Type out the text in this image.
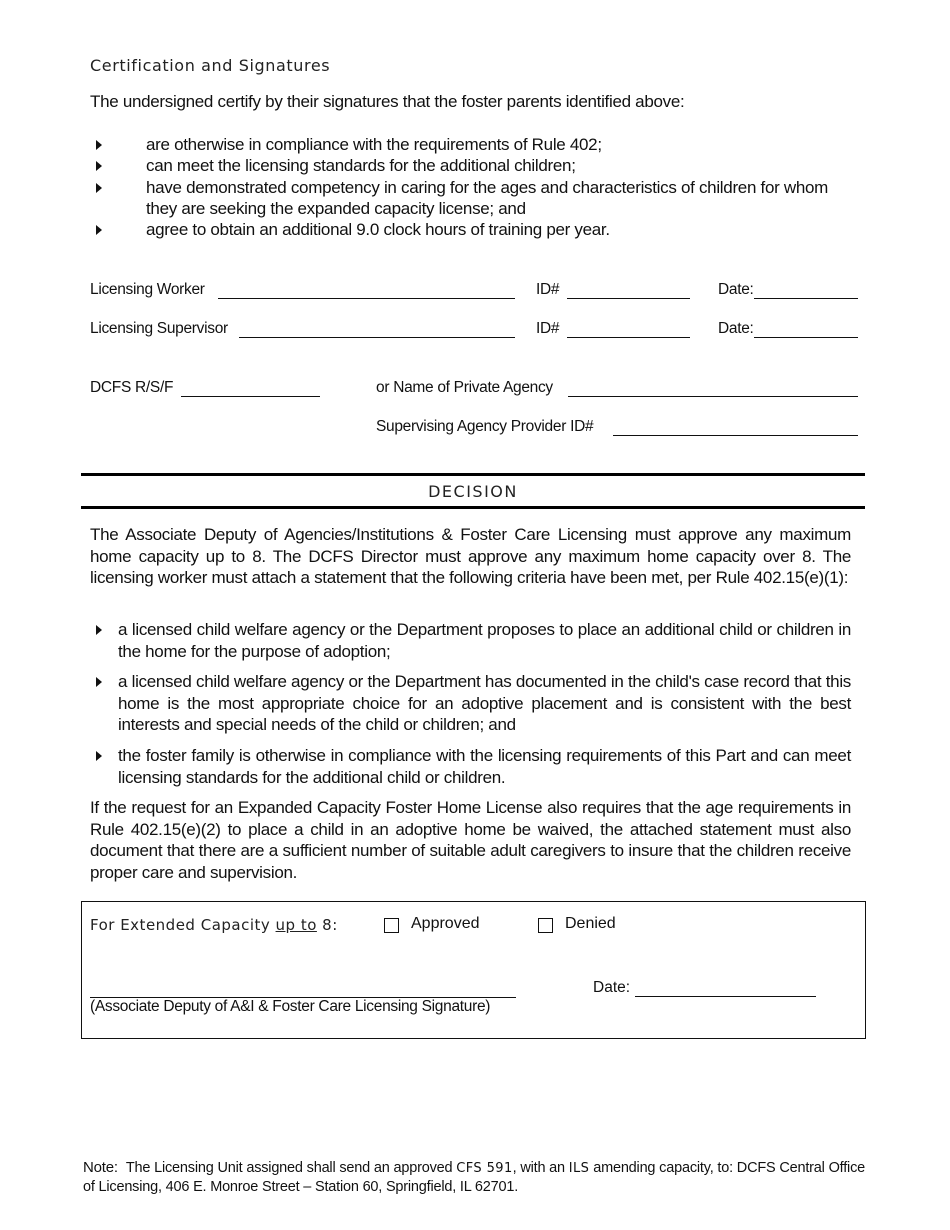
Certification and Signatures
The undersigned certify by their signatures that the foster parents identified above:
are otherwise in compliance with the requirements of Rule 402;
can meet the licensing standards for the additional children;
have demonstrated competency in caring for the ages and characteristics of children for whom they are seeking the expanded capacity license; and
agree to obtain an additional 9.0 clock hours of training per year.
Licensing Worker	ID#	Date:
Licensing Supervisor	ID#	Date:
DCFS R/S/F	or Name of Private Agency
Supervising Agency Provider ID#
DECISION
The Associate Deputy of Agencies/Institutions & Foster Care Licensing must approve any maximum home capacity up to 8. The DCFS Director must approve any maximum home capacity over 8. The licensing worker must attach a statement that the following criteria have been met, per Rule 402.15(e)(1):
a licensed child welfare agency or the Department proposes to place an additional child or children in the home for the purpose of adoption;
a licensed child welfare agency or the Department has documented in the child's case record that this home is the most appropriate choice for an adoptive placement and is consistent with the best interests and special needs of the child or children; and
the foster family is otherwise in compliance with the licensing requirements of this Part and can meet licensing standards for the additional child or children.
If the request for an Expanded Capacity Foster Home License also requires that the age requirements in Rule 402.15(e)(2) to place a child in an adoptive home be waived, the attached statement must also document that there are a sufficient number of suitable adult caregivers to insure that the children receive proper care and supervision.
For Extended Capacity up to 8:	Approved	Denied
(Associate Deputy of A&I & Foster Care Licensing Signature)
Date:
Note: The Licensing Unit assigned shall send an approved CFS 591, with an ILS amending capacity, to: DCFS Central Office of Licensing, 406 E. Monroe Street – Station 60, Springfield, IL 62701.
